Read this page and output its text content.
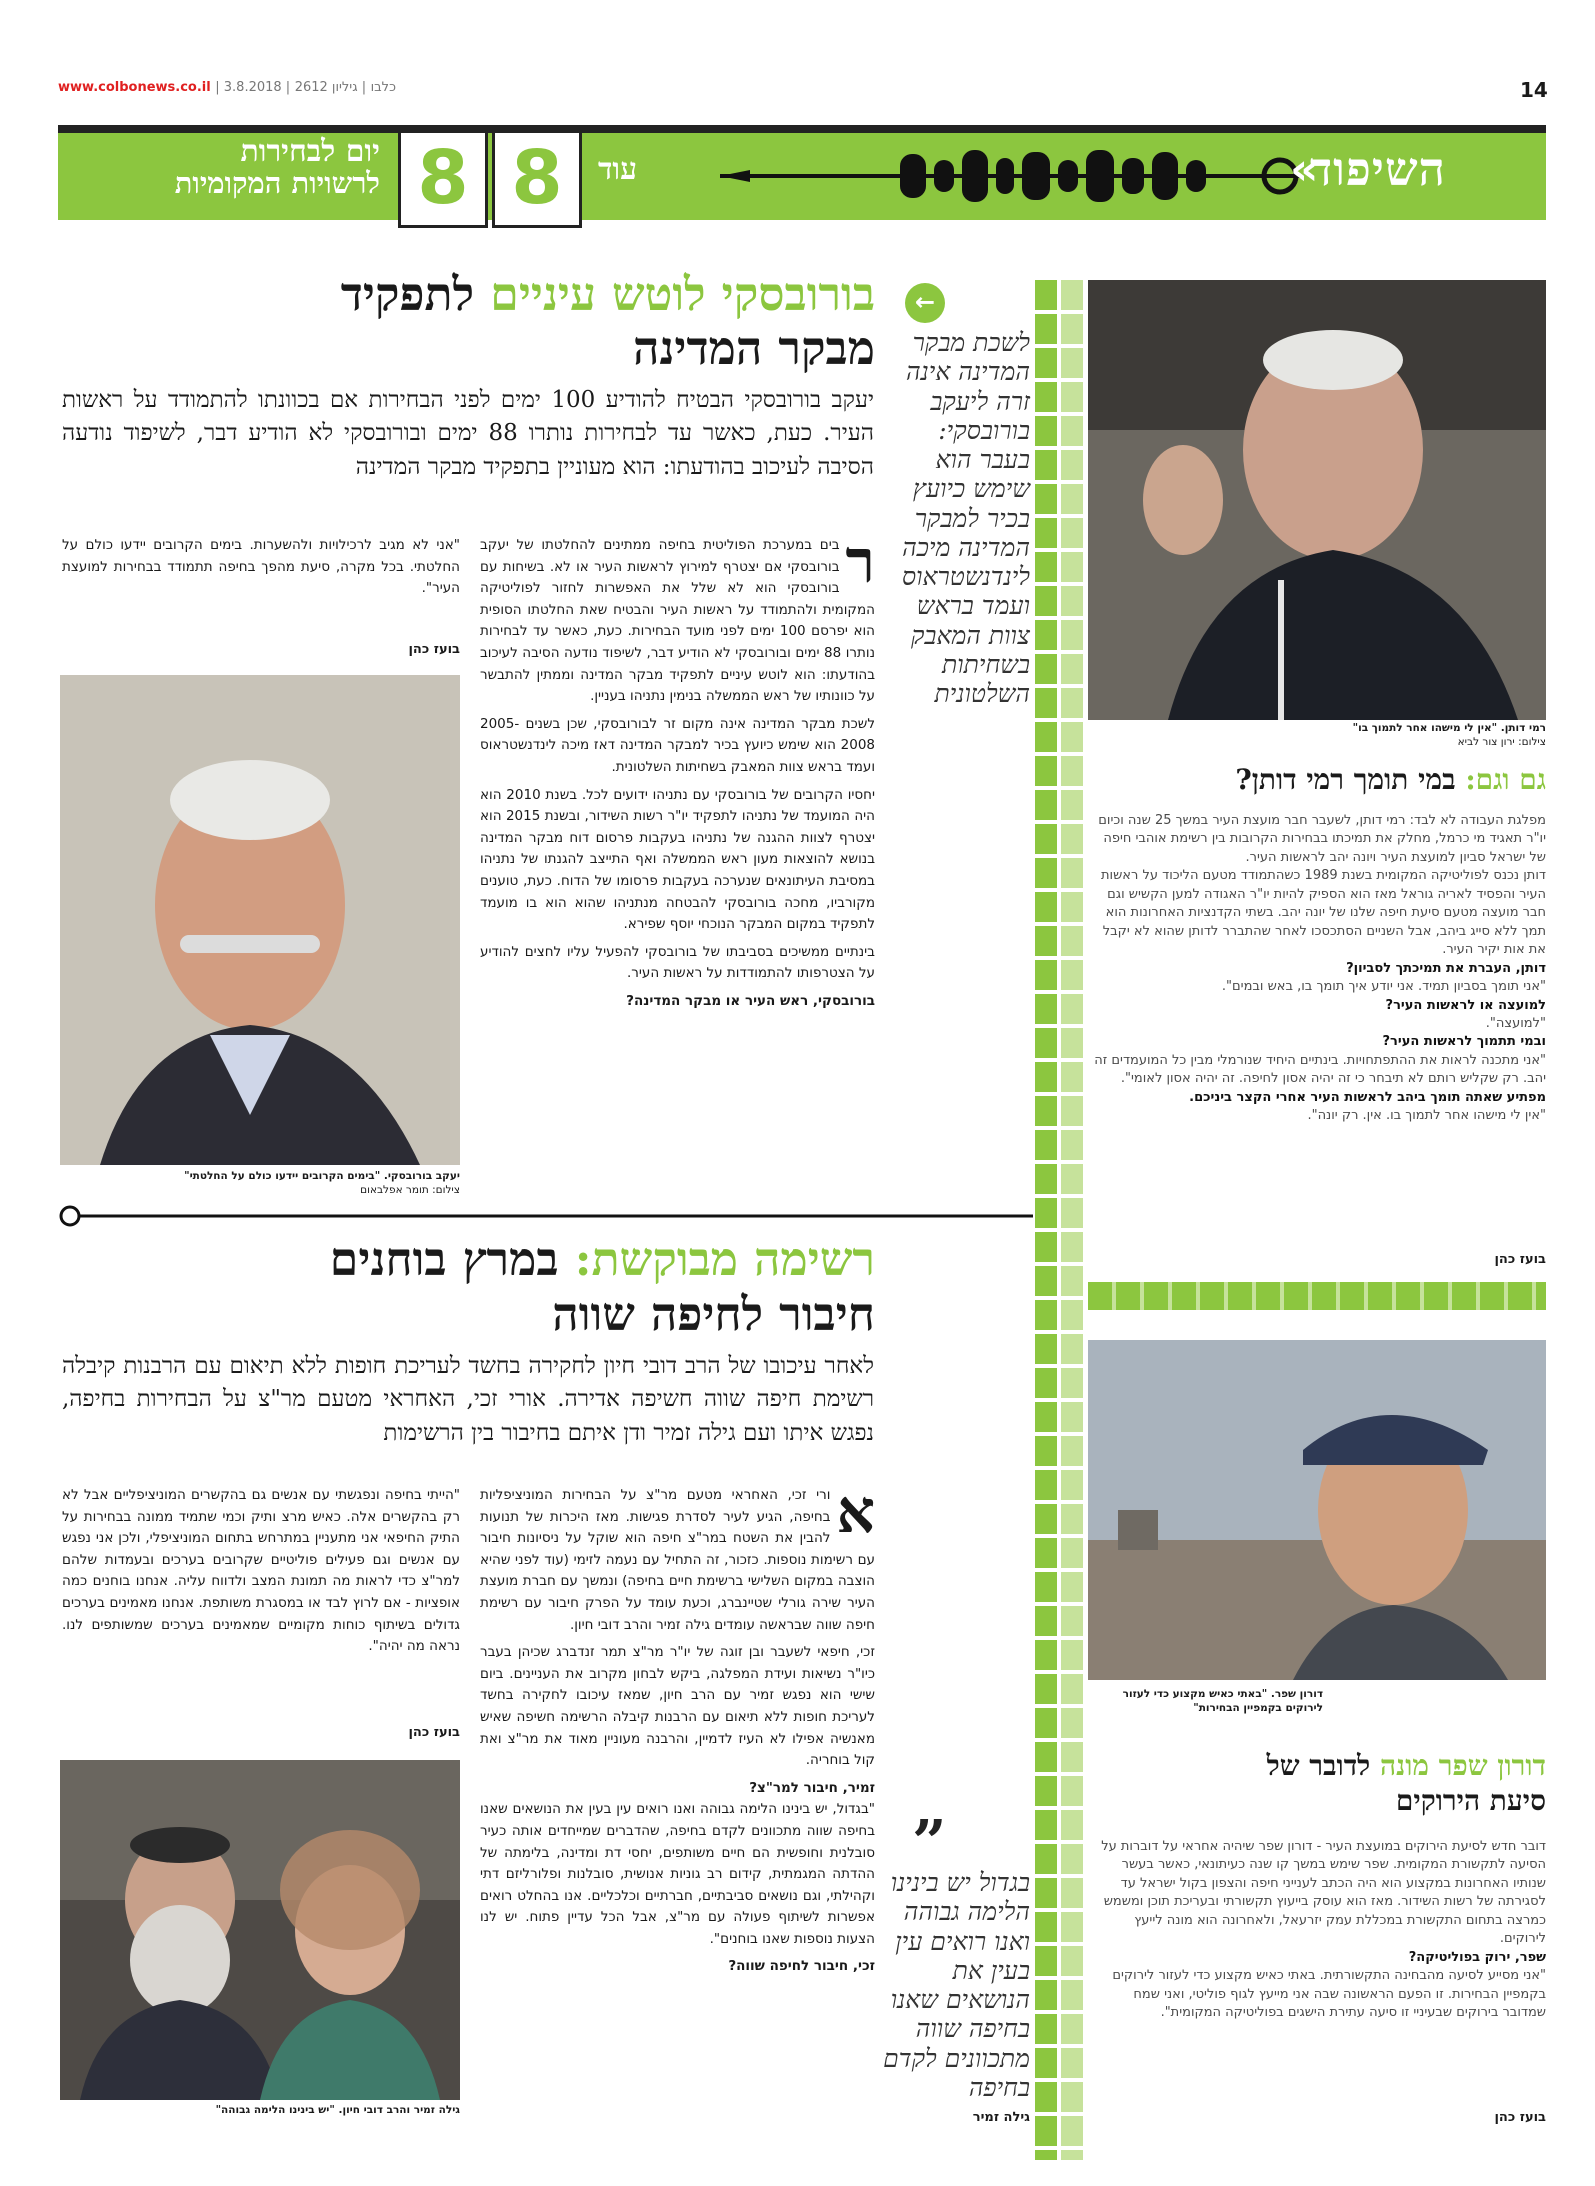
www.colbonews.co.il |	כלבו | גיליון 2612 | 3.8.2018	14
יום לבחירות
לרשויות המקומיות 8 8	עוד	«
השיפוד
בורובסקי לוטש עיניים לתפקיד
מבקר המדינה
←
לשכת מבקר המדינה אינה זרה ליעקב בורובסקי: בעבר הוא שימש כיועץ בכיר למבקר המדינה מיכה לינדנשטראוס ועמד בראש צוות המאבק בשחיתות השלטונית
יעקב בורובסקי הבטיח להודיע 100 ימים לפני הבחירות אם בכוונתו להתמודד על ראשות העיר. כעת, כאשר עד לבחירות נותרו 88 ימים ובורובסקי לא הודיע דבר, לשיפוד נודעה הסיבה לעיכוב בהודעתו: הוא מעוניין בתפקיד מבקר המדינה
ר

בים במערכת הפוליטית בחיפה ממתינים להחלטתו של יעקב בורובסקי אם יצטרף למירוץ לראשות העיר או לא. בשיחות עם בורובסקי הוא לא שלל את האפשרות לחזור לפוליטיקה המקומית ולהתמודד על ראשות העיר והבטיח שאת החלטתו הסופית הוא יפרסם 100 ימים לפני מועד הבחירות. כעת, כאשר עד לבחירות נותרו 88 ימים ובורובסקי לא הודיע דבר, לשיפוד נודעה הסיבה לעיכוב בהודעתו: הוא לוטש עיניים לתפקיד מבקר המדינה וממתין להתבשר על כוונותיו של ראש הממשלה בנימין נתניהו בעניין.

לשכת מבקר המדינה אינה מקום זר לבורובסקי, שכן בשנים 2005-2008 הוא שימש כיועץ בכיר למבקר המדינה דאז מיכה לינדנשטראוס ועמד בראש צוות המאבק בשחיתות השלטונית.

יחסיו הקרובים של בורובסקי עם נתניהו ידועים לכל. בשנת 2010 הוא היה המועמד של נתניהו לתפקיד יו"ר רשות השידור, ובשנת 2015 הוא יצטרף לצוות ההגנה של נתניהו בעקבות פרסום דוח מבקר המדינה בנושא להוצאות מעון ראש הממשלה ואף התייצב להגנתו של נתניהו במסיבת העיתונאים שנערכה בעקבות פרסומו של הדוח. כעת, טוענים מקורביו, מחכה בורובסקי להבטחה מנתניהו שהוא הוא בו מועמד לתפקיד במקום המבקר הנוכחי יוסף שפירא.

בינתיים ממשיכים בסביבתו של בורובסקי להפעיל עליו לחצים להודיע על הצטרפותו להתמודדות על ראשות העיר.

בורובסקי, ראש העיר או מבקר המדינה?

"אני לא מגיב לרכילויות ולהשערות. בימים הקרובים יידעו כולם על החלטתי. בכל מקרה, סיעת מהפך בחיפה תתמודד בבחירות למועצת העיר".
בועז כהן
יעקב בורובסקי. "בימים הקרובים יידעו כולם על החלטתי"
צילום: תומר אפלבאום
רמי דותן. "אין לי מישהו אחר לתמוך בו"
צילום: ירון צור לביא
גם וגם: במי תומך רמי דותן?
מפלגת העבודה לא לבד: רמי דותן, לשעבר חבר מועצת העיר במשך 25 שנה וכיום יו"ר תאגיד מי כרמל, מחלק את תמיכתו בבחירות הקרובות בין רשימת אוהבי חיפה של ישראל סביון למועצת העיר ויונה יהב לראשות העיר.
דותן נכנס לפוליטיקה המקומית בשנת 1989 כשהתמודד מטעם הליכוד על ראשות העיר והפסיד לאריה גוראל מאז הוא הספיק להיות יו"ר האגודה למען הקשיש וגם חבר מועצה מטעם סיעת חיפה שלנו של יונה יהב. בשתי הקדנציות האחרונות הוא תמך ללא סייג ביהב, אבל השניים הסתכסכו לאחר שהתברר לדותן שהוא לא יקבל את אות יקיר העיר.
דותן, העברת את תמיכתך לסביון?
"אני תומך בסביון תמיד. אני יודע איך תומך בו, באש ובמים".
למועצה או לראשות העיר?
"למועצה".
ובמי תתמוך לראשות העיר?
"אני מתכנה לראות את ההתפתחויות. בינתיים היחיד שנורמלי מבין כל המועמדים זה יהב. רק שקליש רותם לא תיבחר כי זה יהיה אסון לחיפה. זה יהיה אסון לאומי".
מפתיע שאתה תומך ביהב לראשות העיר אחרי הקצר ביניכם.
"אין לי מישהו אחר לתמוך בו. אין. רק יונה".
בועז כהן
רשימה מבוקשת: במרץ בוחנים
חיבור לחיפה שווה
לאחר עיכובו של הרב דובי חיון לחקירה בחשד לעריכת חופות ללא תיאום עם הרבנות קיבלה רשימת חיפה שווה חשיפה אדירה. אורי זכי, האחראי מטעם מר"צ על הבחירות בחיפה, נפגש איתו ועם גילה זמיר ודן איתם בחיבור בין הרשימות
א

ורי זכי, האחראי מטעם מר"צ על הבחירות המוניציפליות בחיפה, הגיע לעיר לסדרת פגישות. מאז היכרות של תנועות להבין את השטח במר"צ חיפה הוא שוקל על ניסיונות חיבור עם רשימות נוספות. כזכור, זה התחיל עם נעמה לזימי (עוד לפני שהיא הוצבה במקום השלישי ברשימת חיים בחיפה) ונמשך עם חברת מועצת העיר שירה גורלי שטיינברג, וכעת עומד על הפרק חיבור עם רשימת חיפה שווה שבראשה עומדים גילה זמיר והרב דובי חיון.

זכי, חיפאי לשעבר ובן זוגה של יו"ר מר"צ תמר זנדברג שכיהן בעבר כיו"ר נשיאות ועידת המפלגה, ביקש לבחון מקרוב את העניינים. ביום שישי הוא נפגש זמיר עם הרב חיון, שמאז עיכובו לחקירה בחשד לעריכת חופות ללא תיאום עם הרבנות קיבלה הרשימה חשיפה שאיש מאנשיה אפילו לא העיז לדמיין, והרבנה מעוניין מאוד את מר"צ ואת קול בוחריה.

זמיר, חיבור למר"צ?

"בגדול, יש בינינו הלימה גבוהה ואנו רואים עין בעין את הנושאים שאנו בחיפה שווה מתכוונים לקדם בחיפה, שהדברים שמייחדים אותה כעיר סובלנית וחופשית הם חיים משותפים, יחסי דת ומדינה, בלימתה של ההדתה המגמתית, קידום רב גוניות אנושית, סובלנות ופלורליזם דתי וקהילתי, וגם נושאים סביבתיים, חברתיים וכלכליים. אנו בהחלט רואים אפשרות לשיתוף פעולה עם מר"צ, אבל הכל עדיין פתוח. יש לנו הצעות נוספות שאנו בוחנים".

זכי, חיבור לחיפה שווה?

"הייתי בחיפה ונפגשתי עם אנשים גם בהקשרים המוניציפליים אבל לא רק בהקשרים אלה. כאיש מרצ ותיק וכמי שתמיד ממונה בבחירות על התיק החיפאי אני מתעניין במתרחש בתחום המוניציפלי, ולכן אני נפגש עם אנשים וגם פעילים פוליטיים שקרובים בערכים ובעמדות שלהם למר"צ כדי לראות מה תמונת המצב ולדווח עליה. אנחנו בוחנים כמה אופציות - אם לרוץ לבד או במסגרת משותפת. אנחנו מאמינים בערכים גדולים בשיתוף כוחות מקומיים שמאמינים בערכים שמשותפים לנו. נראה מה יהיה".
בועז כהן
גילה זמיר והרב דובי חיון. "יש בינינו הלימה גבוהה"
”
בגדול יש בינינו הלימה גבוהה ואנו רואים עין בעין את הנושאים שאנו בחיפה שווה מתכוונים לקדם בחיפה
גילה זמיר
דורון שפר. "באתי כאיש מקצוע כדי לעזור לירוקים בקמפיין הבחירות"
דורון שפר מונה לדובר של
סיעת הירוקים
דובר חדש לסיעת הירוקים במועצת העיר - דורון שפר שיהיה אחראי על דוברות על הסיעה לתקשורת המקומית. שפר שימש במשך קו שנה כעיתונאי, כאשר בעשר שנותיו האחרונות במקצוע הוא היה הכתב לענייני חיפה והצפון בקול ישראל עד לסגירתה של רשות השידור. מאז הוא עוסק בייעוץ תקשורתי ובעריכת תוכן ומשמש כמרצה בתחום התקשורת במכללת עמק יזרעאל, ולאחרונה הוא מונה לייעץ לירוקים.
שפר, ירוק בפוליטיקה?
"אני מסייע לסיעה מהבחינה התקשורתית. באתי כאיש מקצוע כדי לעזור לירוקים בקמפיין הבחירות. זו הפעם הראשונה שבה אני מייעץ לגוף פוליטי, ואני שמח שמדובר בירוקים שבעיניי זו סיעה עתירת הישגים בפוליטיקה המקומית".
בועז כהן
